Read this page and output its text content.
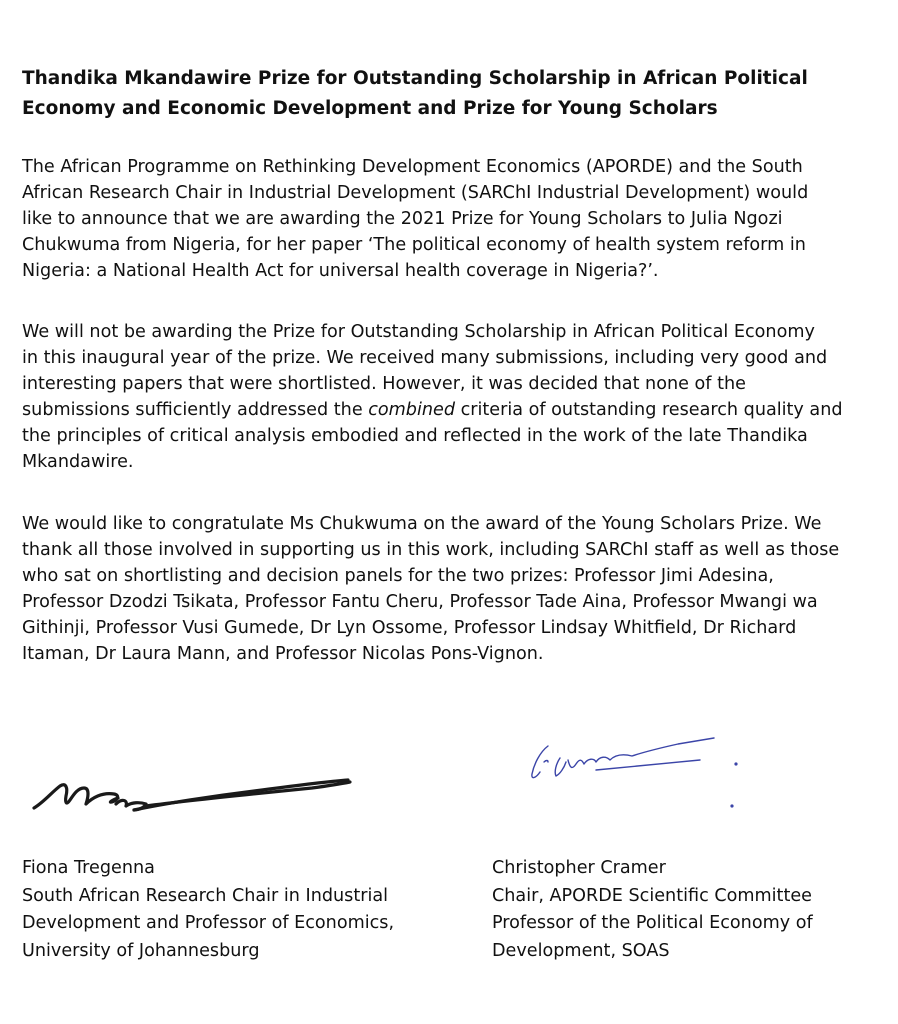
Thandika Mkandawire Prize for Outstanding Scholarship in African Political
Economy and Economic Development and Prize for Young Scholars

The African Programme on Rethinking Development Economics (APORDE) and the South
African Research Chair in Industrial Development (SARChI Industrial Development) would
like to announce that we are awarding the 2021 Prize for Young Scholars to Julia Ngozi
Chukwuma from Nigeria, for her paper ‘The political economy of health system reform in
Nigeria: a National Health Act for universal health coverage in Nigeria?’.

We will not be awarding the Prize for Outstanding Scholarship in African Political Economy
in this inaugural year of the prize. We received many submissions, including very good and
interesting papers that were shortlisted. However, it was decided that none of the
submissions sufficiently addressed the combined criteria of outstanding research quality and
the principles of critical analysis embodied and reflected in the work of the late Thandika
Mkandawire.

We would like to congratulate Ms Chukwuma on the award of the Young Scholars Prize. We
thank all those involved in supporting us in this work, including SARChI staff as well as those
who sat on shortlisting and decision panels for the two prizes: Professor Jimi Adesina,
Professor Dzodzi Tsikata, Professor Fantu Cheru, Professor Tade Aina, Professor Mwangi wa
Githinji, Professor Vusi Gumede, Dr Lyn Ossome, Professor Lindsay Whitfield, Dr Richard
Itaman, Dr Laura Mann, and Professor Nicolas Pons-Vignon.

Fiona Tregenna
South African Research Chair in Industrial
Development and Professor of Economics,
University of Johannesburg
Christopher Cramer
Chair, APORDE Scientific Committee
Professor of the Political Economy of
Development, SOAS
